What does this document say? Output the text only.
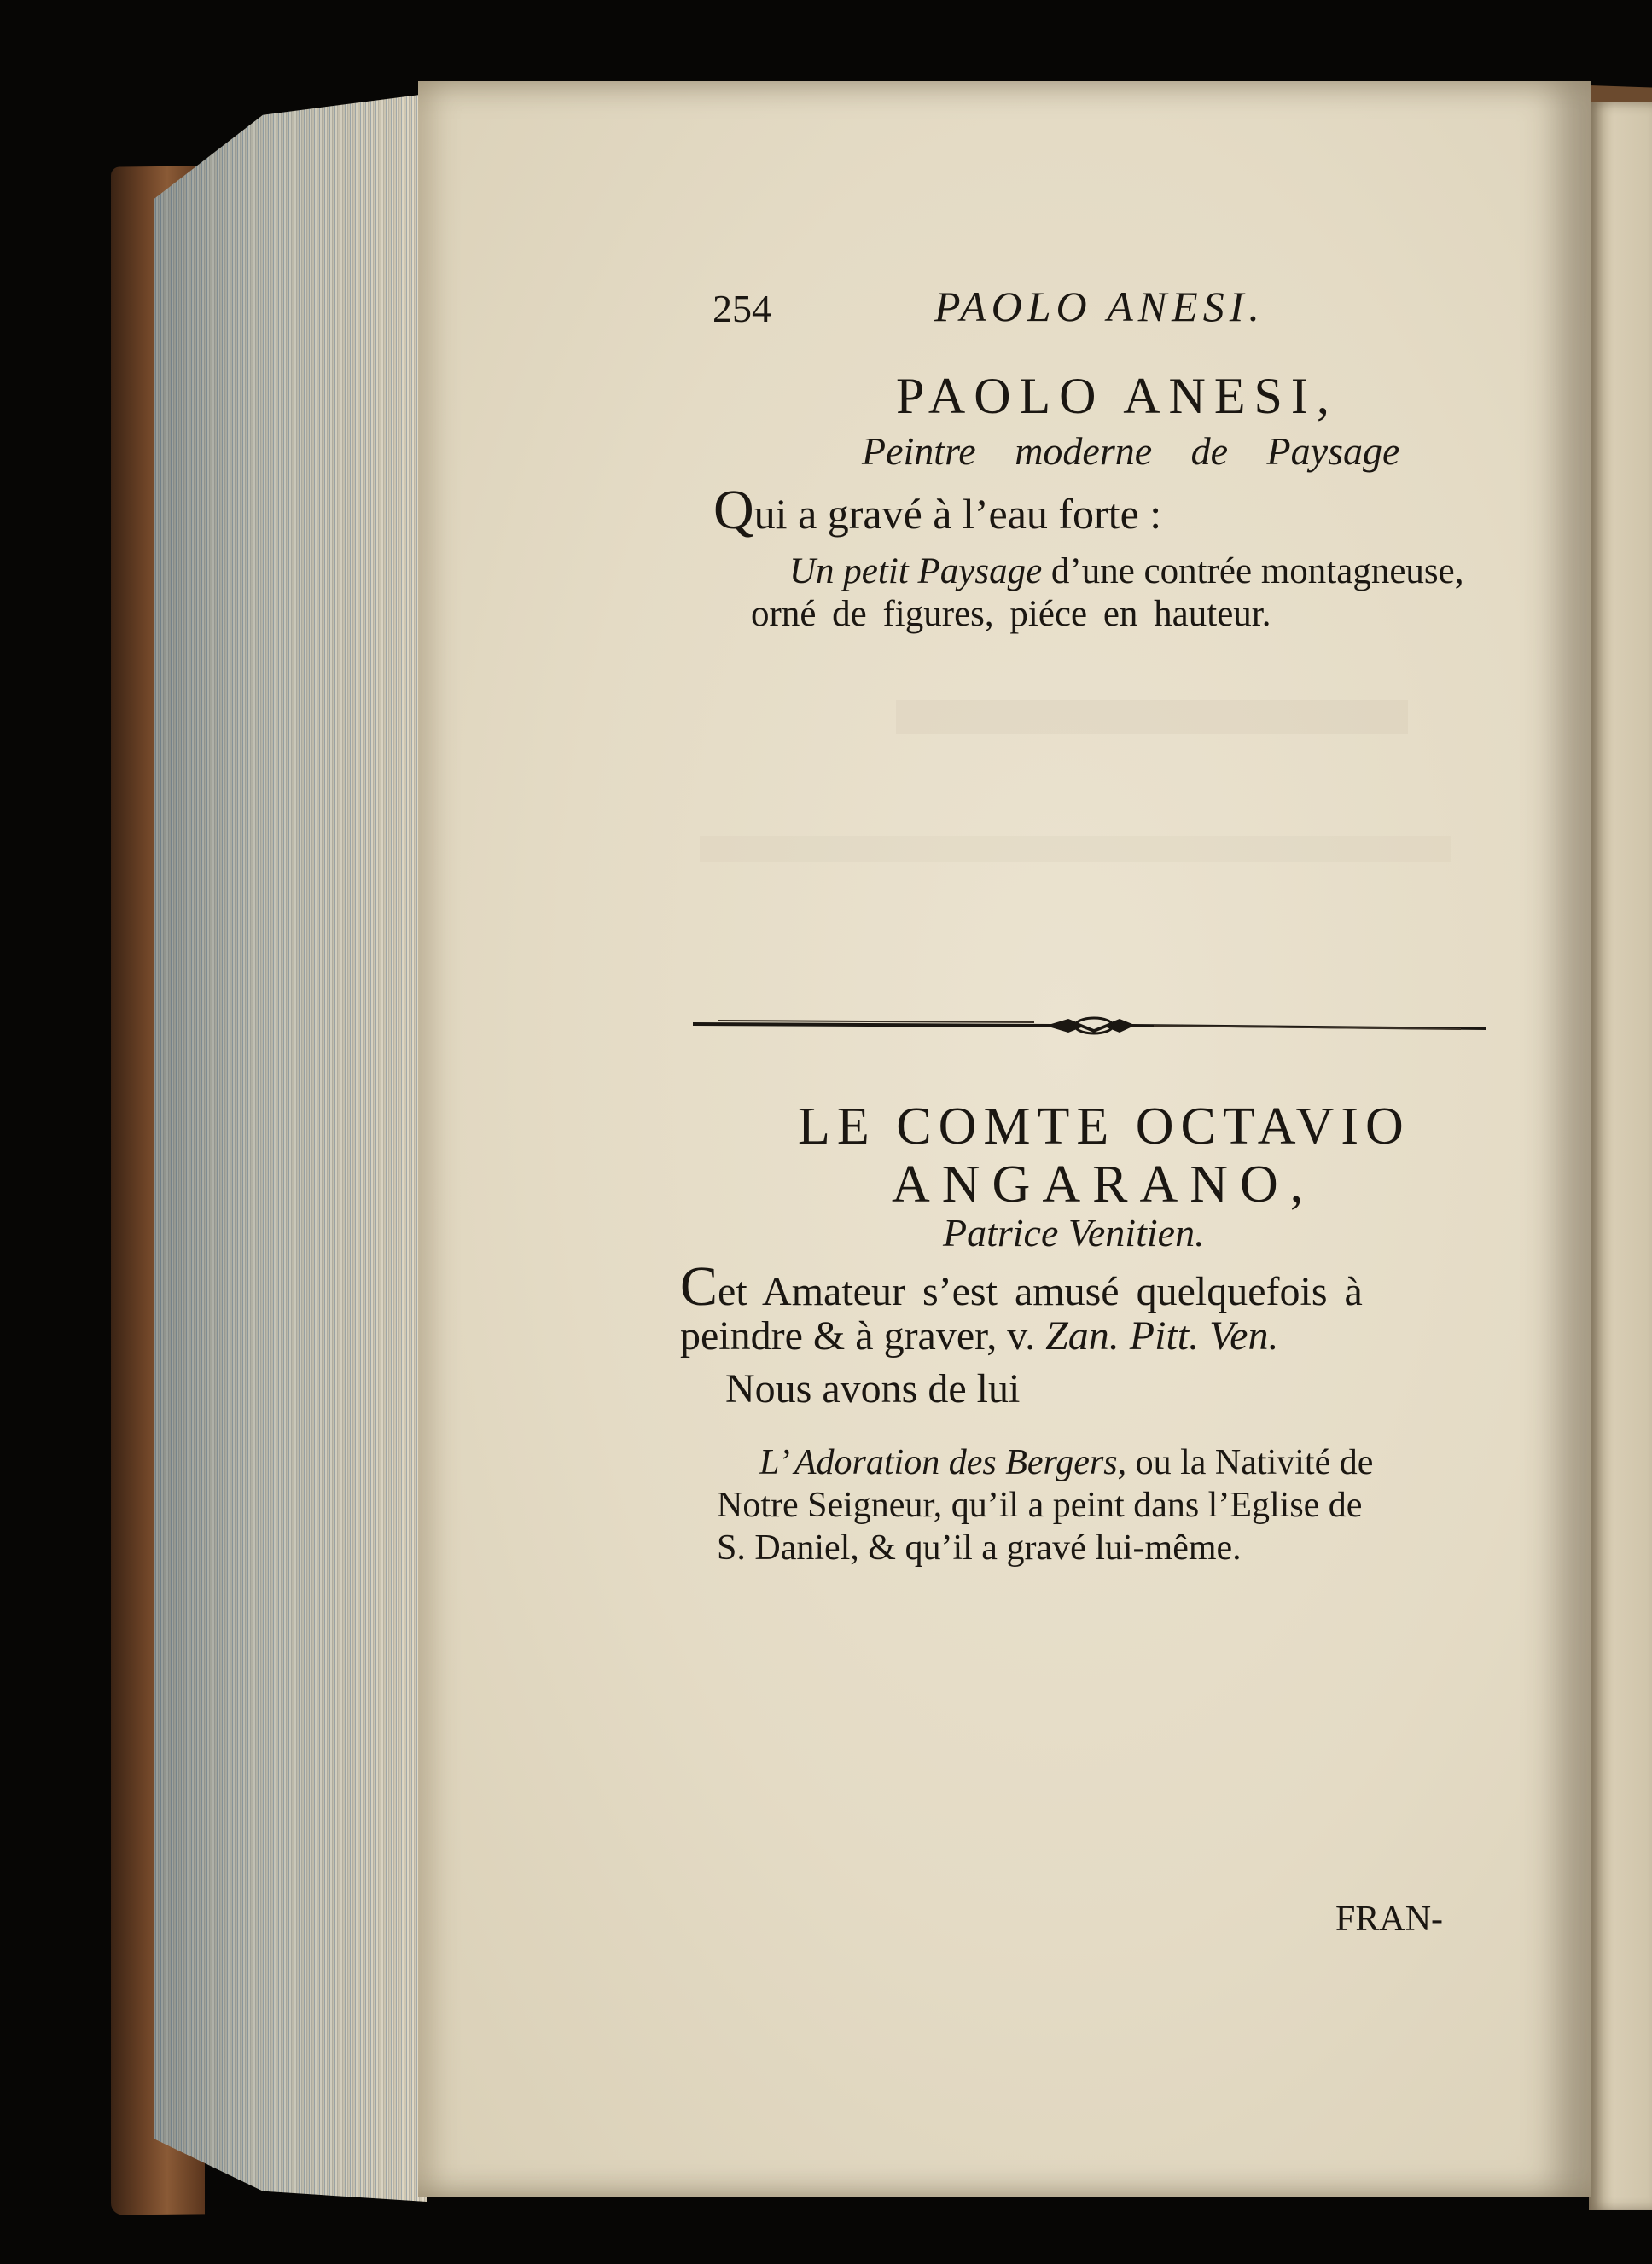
254	PAOLO ANESI.
PAOLO ANESI,
Peintre moderne de Paysage
Qui a gravé à l’eau forte :
Un petit Paysage d’une contrée montagneuse,
orné de figures, piéce en hauteur.
LE COMTE OCTAVIO
ANGARANO,
Patrice Venitien.
Cet Amateur s’est amusé quelquefois à
peindre & à graver, v. Zan. Pitt. Ven.
Nous avons de lui
L’ Adoration des Bergers, ou la Nativité de
Notre Seigneur, qu’il a peint dans l’Eglise de
S. Daniel, & qu’il a gravé lui-même.
FRAN-
